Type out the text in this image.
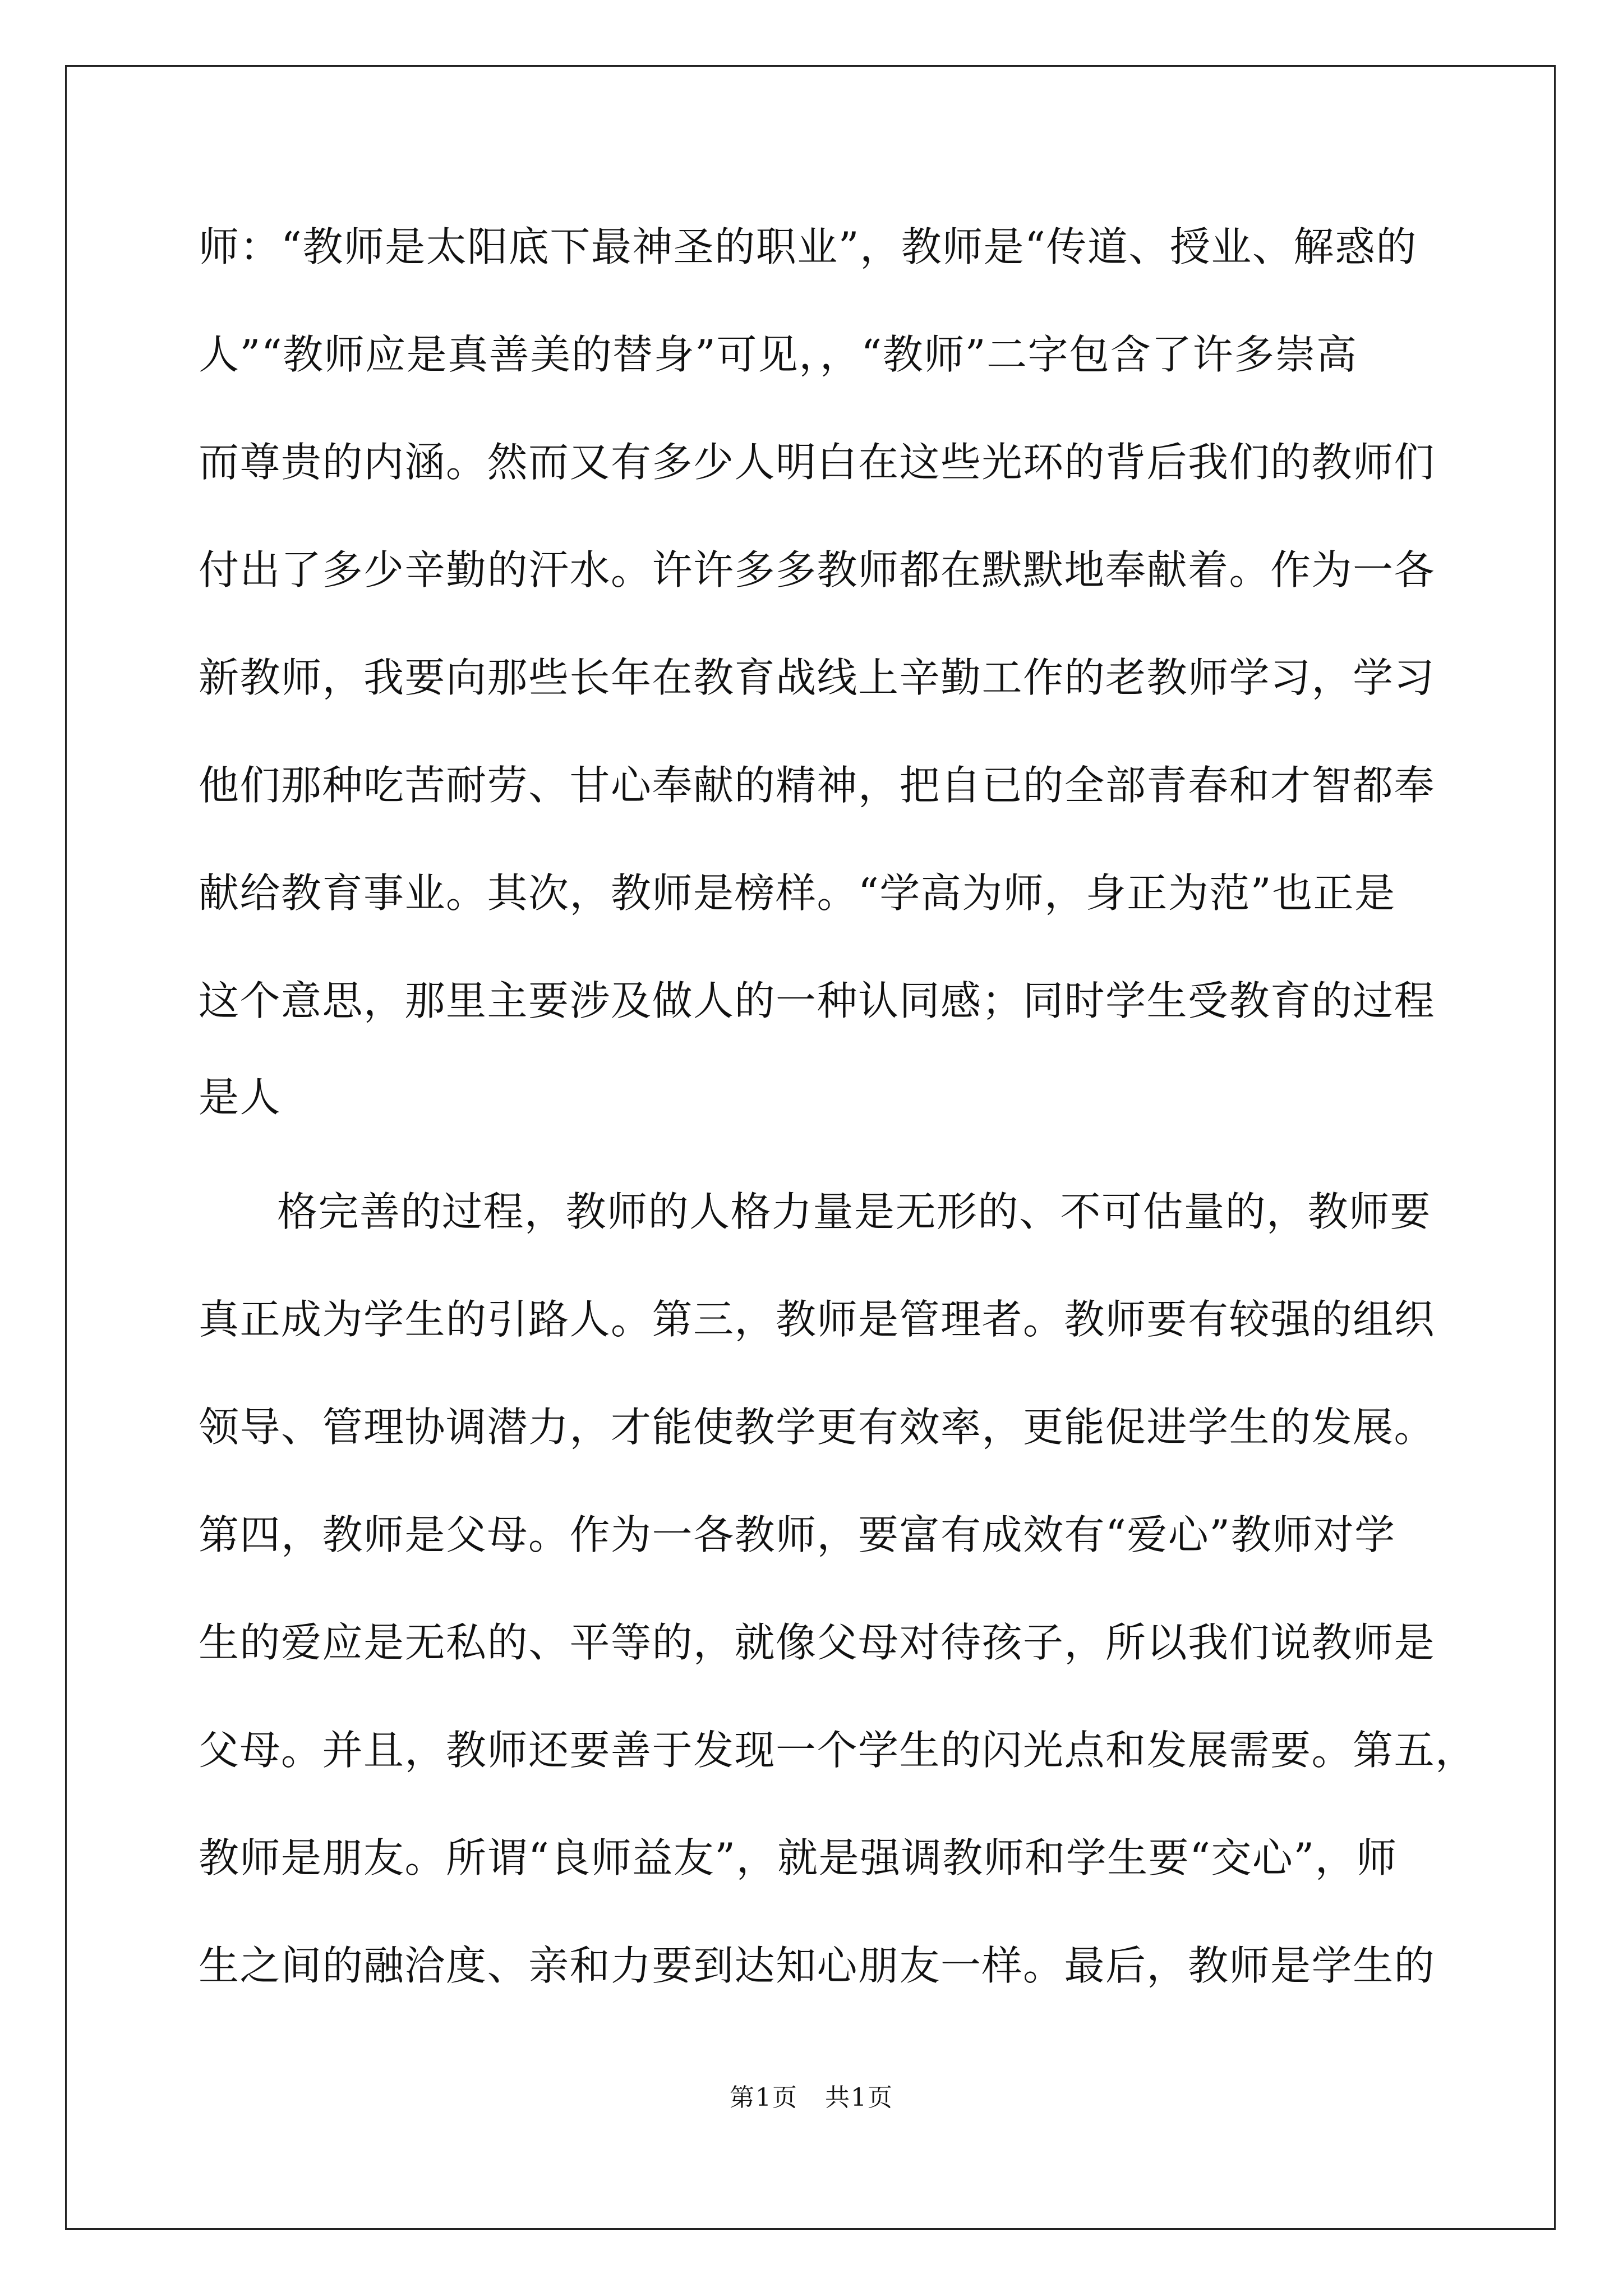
师：“教师是太阳底下最神圣的职业”，教师是“传道、授业、解惑的
人”“教师应是真善美的替身”可见，，“教师”二字包含了许多崇高
而尊贵的内涵。然而又有多少人明白在这些光环的背后我们的教师们
付出了多少辛勤的汗水。许许多多教师都在默默地奉献着。作为一各
新教师，我要向那些长年在教育战线上辛勤工作的老教师学习，学习
他们那种吃苦耐劳、甘心奉献的精神，把自已的全部青春和才智都奉
献给教育事业。其次，教师是榜样。“学高为师，身正为范”也正是
这个意思，那里主要涉及做人的一种认同感；同时学生受教育的过程
是人
格完善的过程，教师的人格力量是无形的、不可估量的，教师要
真正成为学生的引路人。第三，教师是管理者。教师要有较强的组织
领导、管理协调潜力，才能使教学更有效率，更能促进学生的发展。
第四，教师是父母。作为一各教师，要富有成效有“爱心”教师对学
生的爱应是无私的、平等的，就像父母对待孩子，所以我们说教师是
父母。并且，教师还要善于发现一个学生的闪光点和发展需要。第五，
教师是朋友。所谓“良师益友”，就是强调教师和学生要“交心”，师
生之间的融洽度、亲和力要到达知心朋友一样。最后，教师是学生的
第1页 共1页
